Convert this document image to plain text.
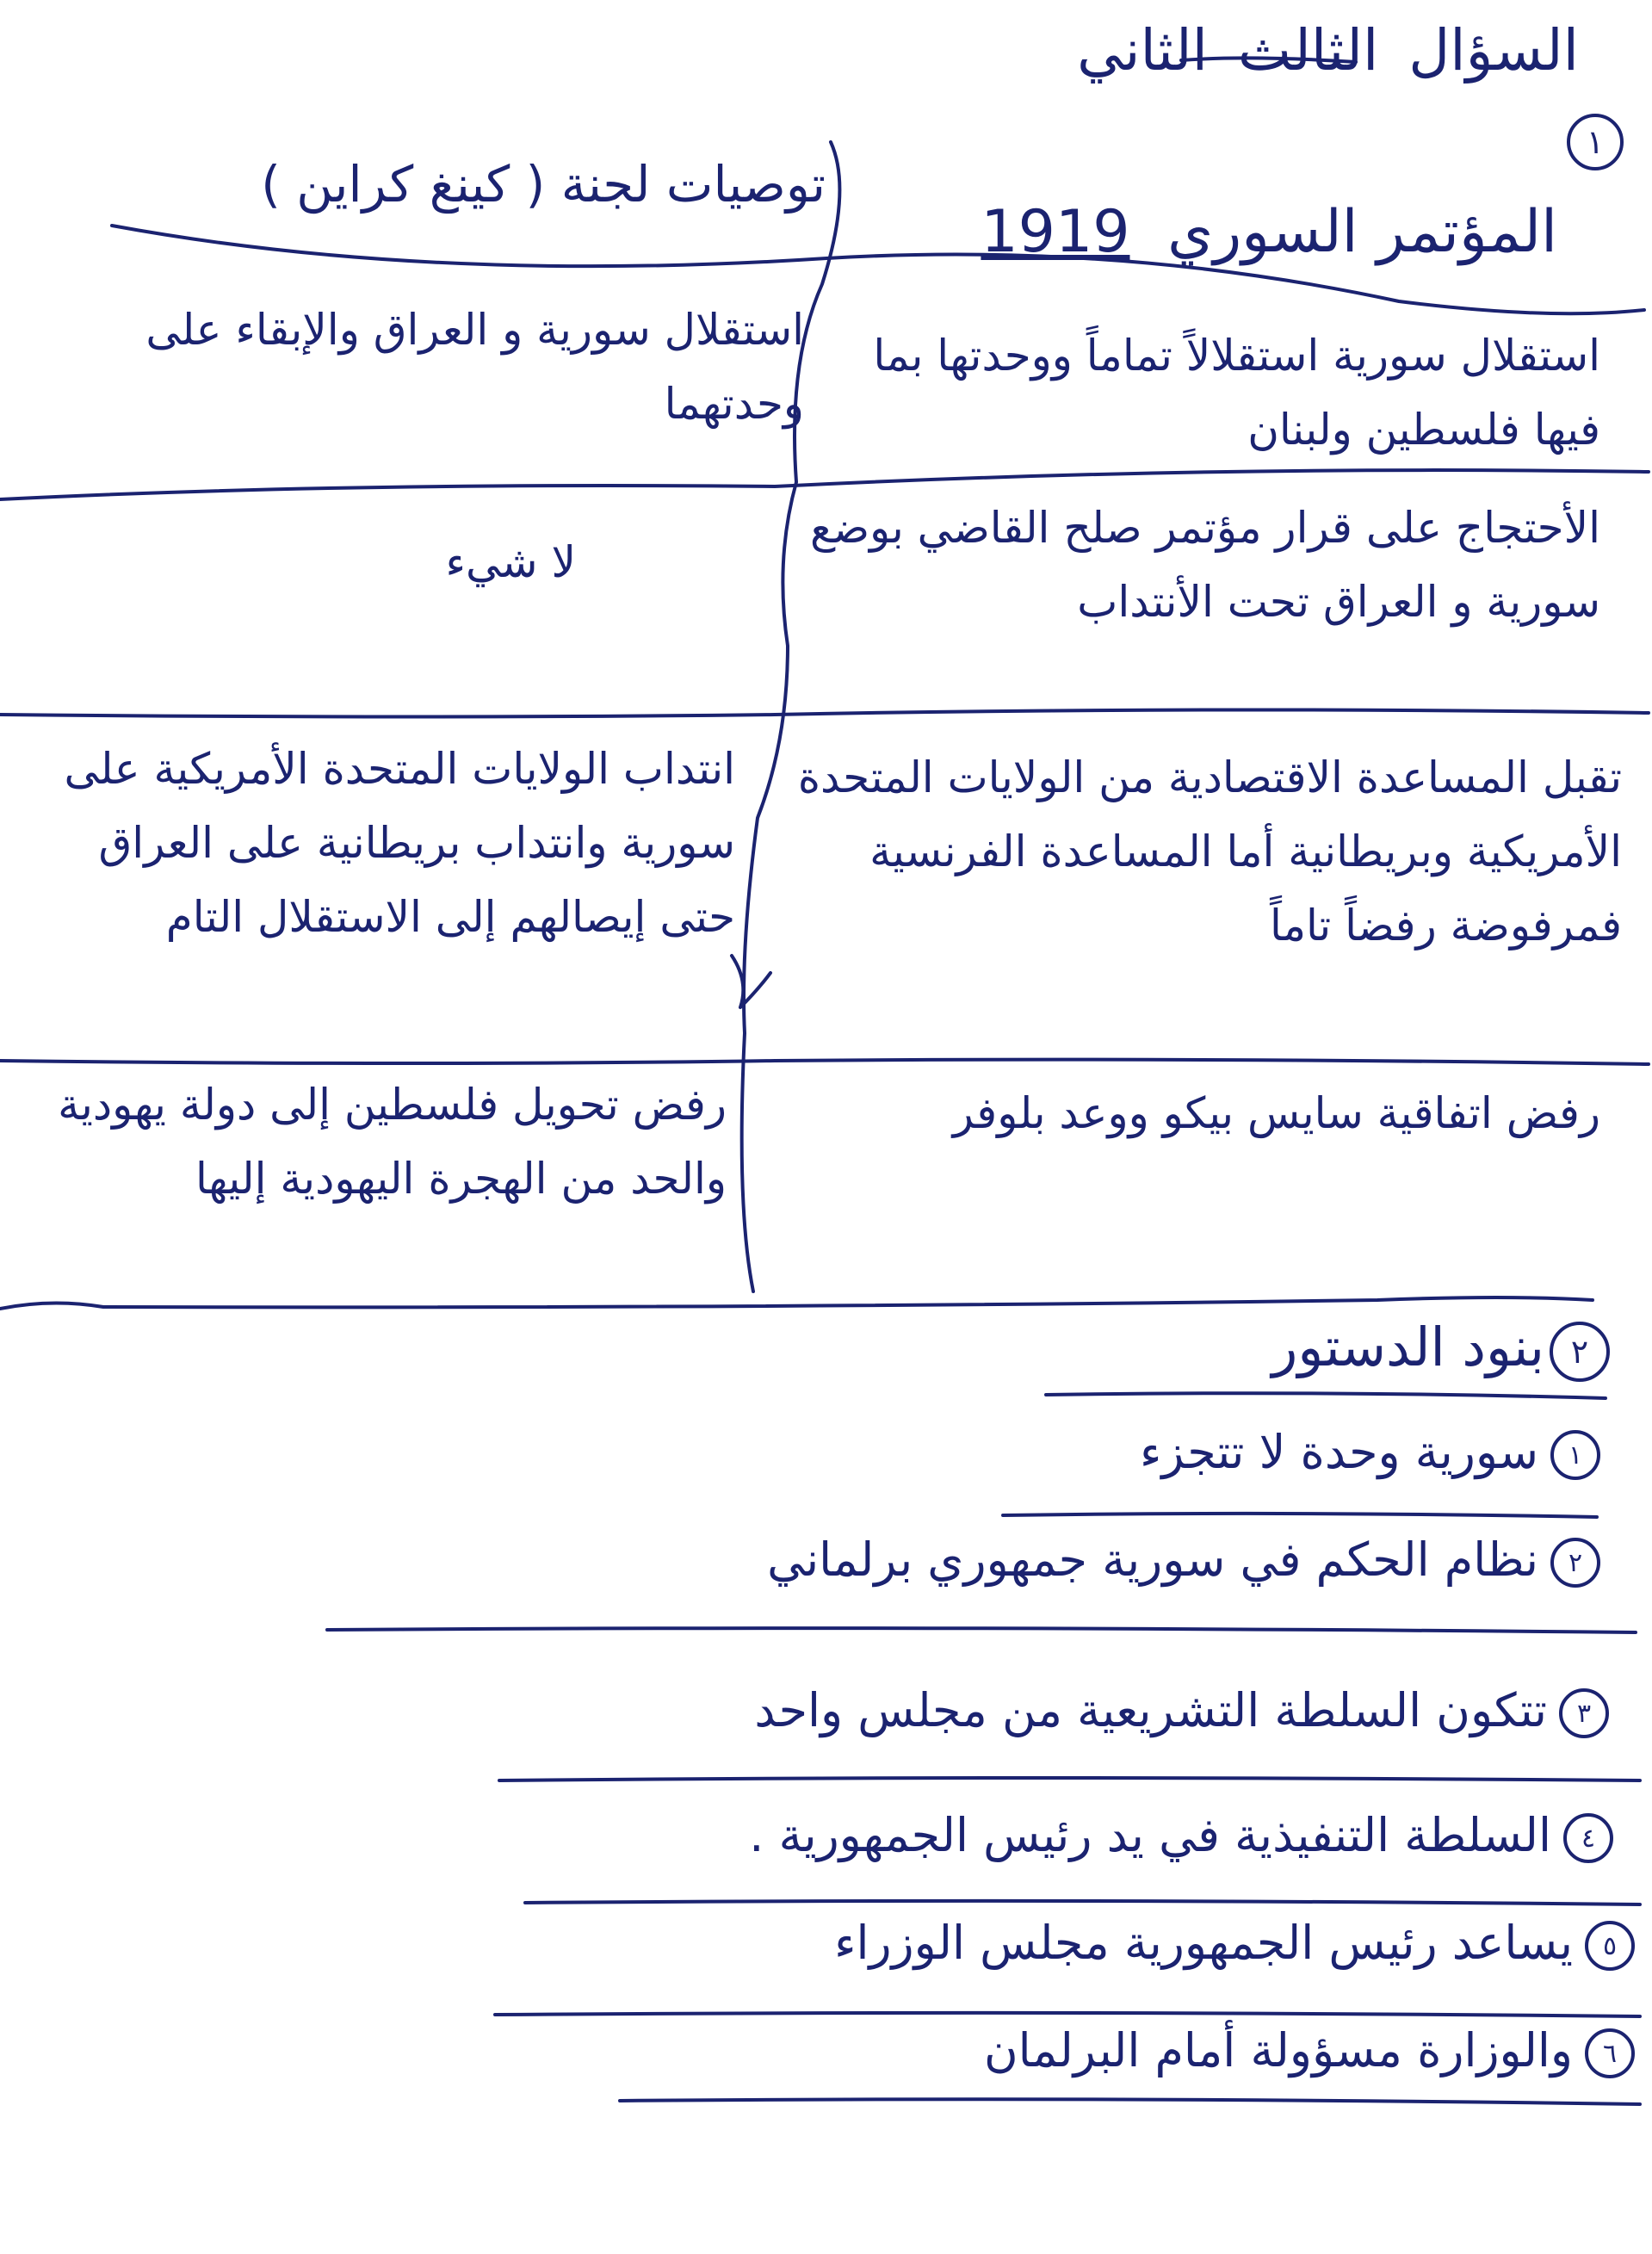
السؤال الثالث الثاني
١
المؤتمر السوري 1919
توصيات لجنة ( كينغ كراين )
استقلال سورية استقلالاً تماماً ووحدتها بما فيها فلسطين ولبنان
استقلال سورية و العراق والإبقاء على وحدتهما
الأحتجاج على قرار مؤتمر صلح القاضي بوضع سورية و العراق تحت الأنتداب
لا شيء
تقبل المساعدة الاقتصادية من الولايات المتحدة الأمريكية وبريطانية أما المساعدة الفرنسية فمرفوضة رفضاً تاماً
انتداب الولايات المتحدة الأمريكية على سورية وانتداب بريطانية على العراق حتى إيصالهم إلى الاستقلال التام
رفض اتفاقية سايس بيكو ووعد بلوفر
رفض تحويل فلسطين إلى دولة يهودية والحد من الهجرة اليهودية إليها
٢
بنود الدستور
١
سورية وحدة لا تتجزء
٢
نظام الحكم في سورية جمهوري برلماني
٣
تتكون السلطة التشريعية من مجلس واحد
٤
السلطة التنفيذية في يد رئيس الجمهورية .
٥
يساعد رئيس الجمهورية مجلس الوزراء
٦
والوزارة مسؤولة أمام البرلمان
